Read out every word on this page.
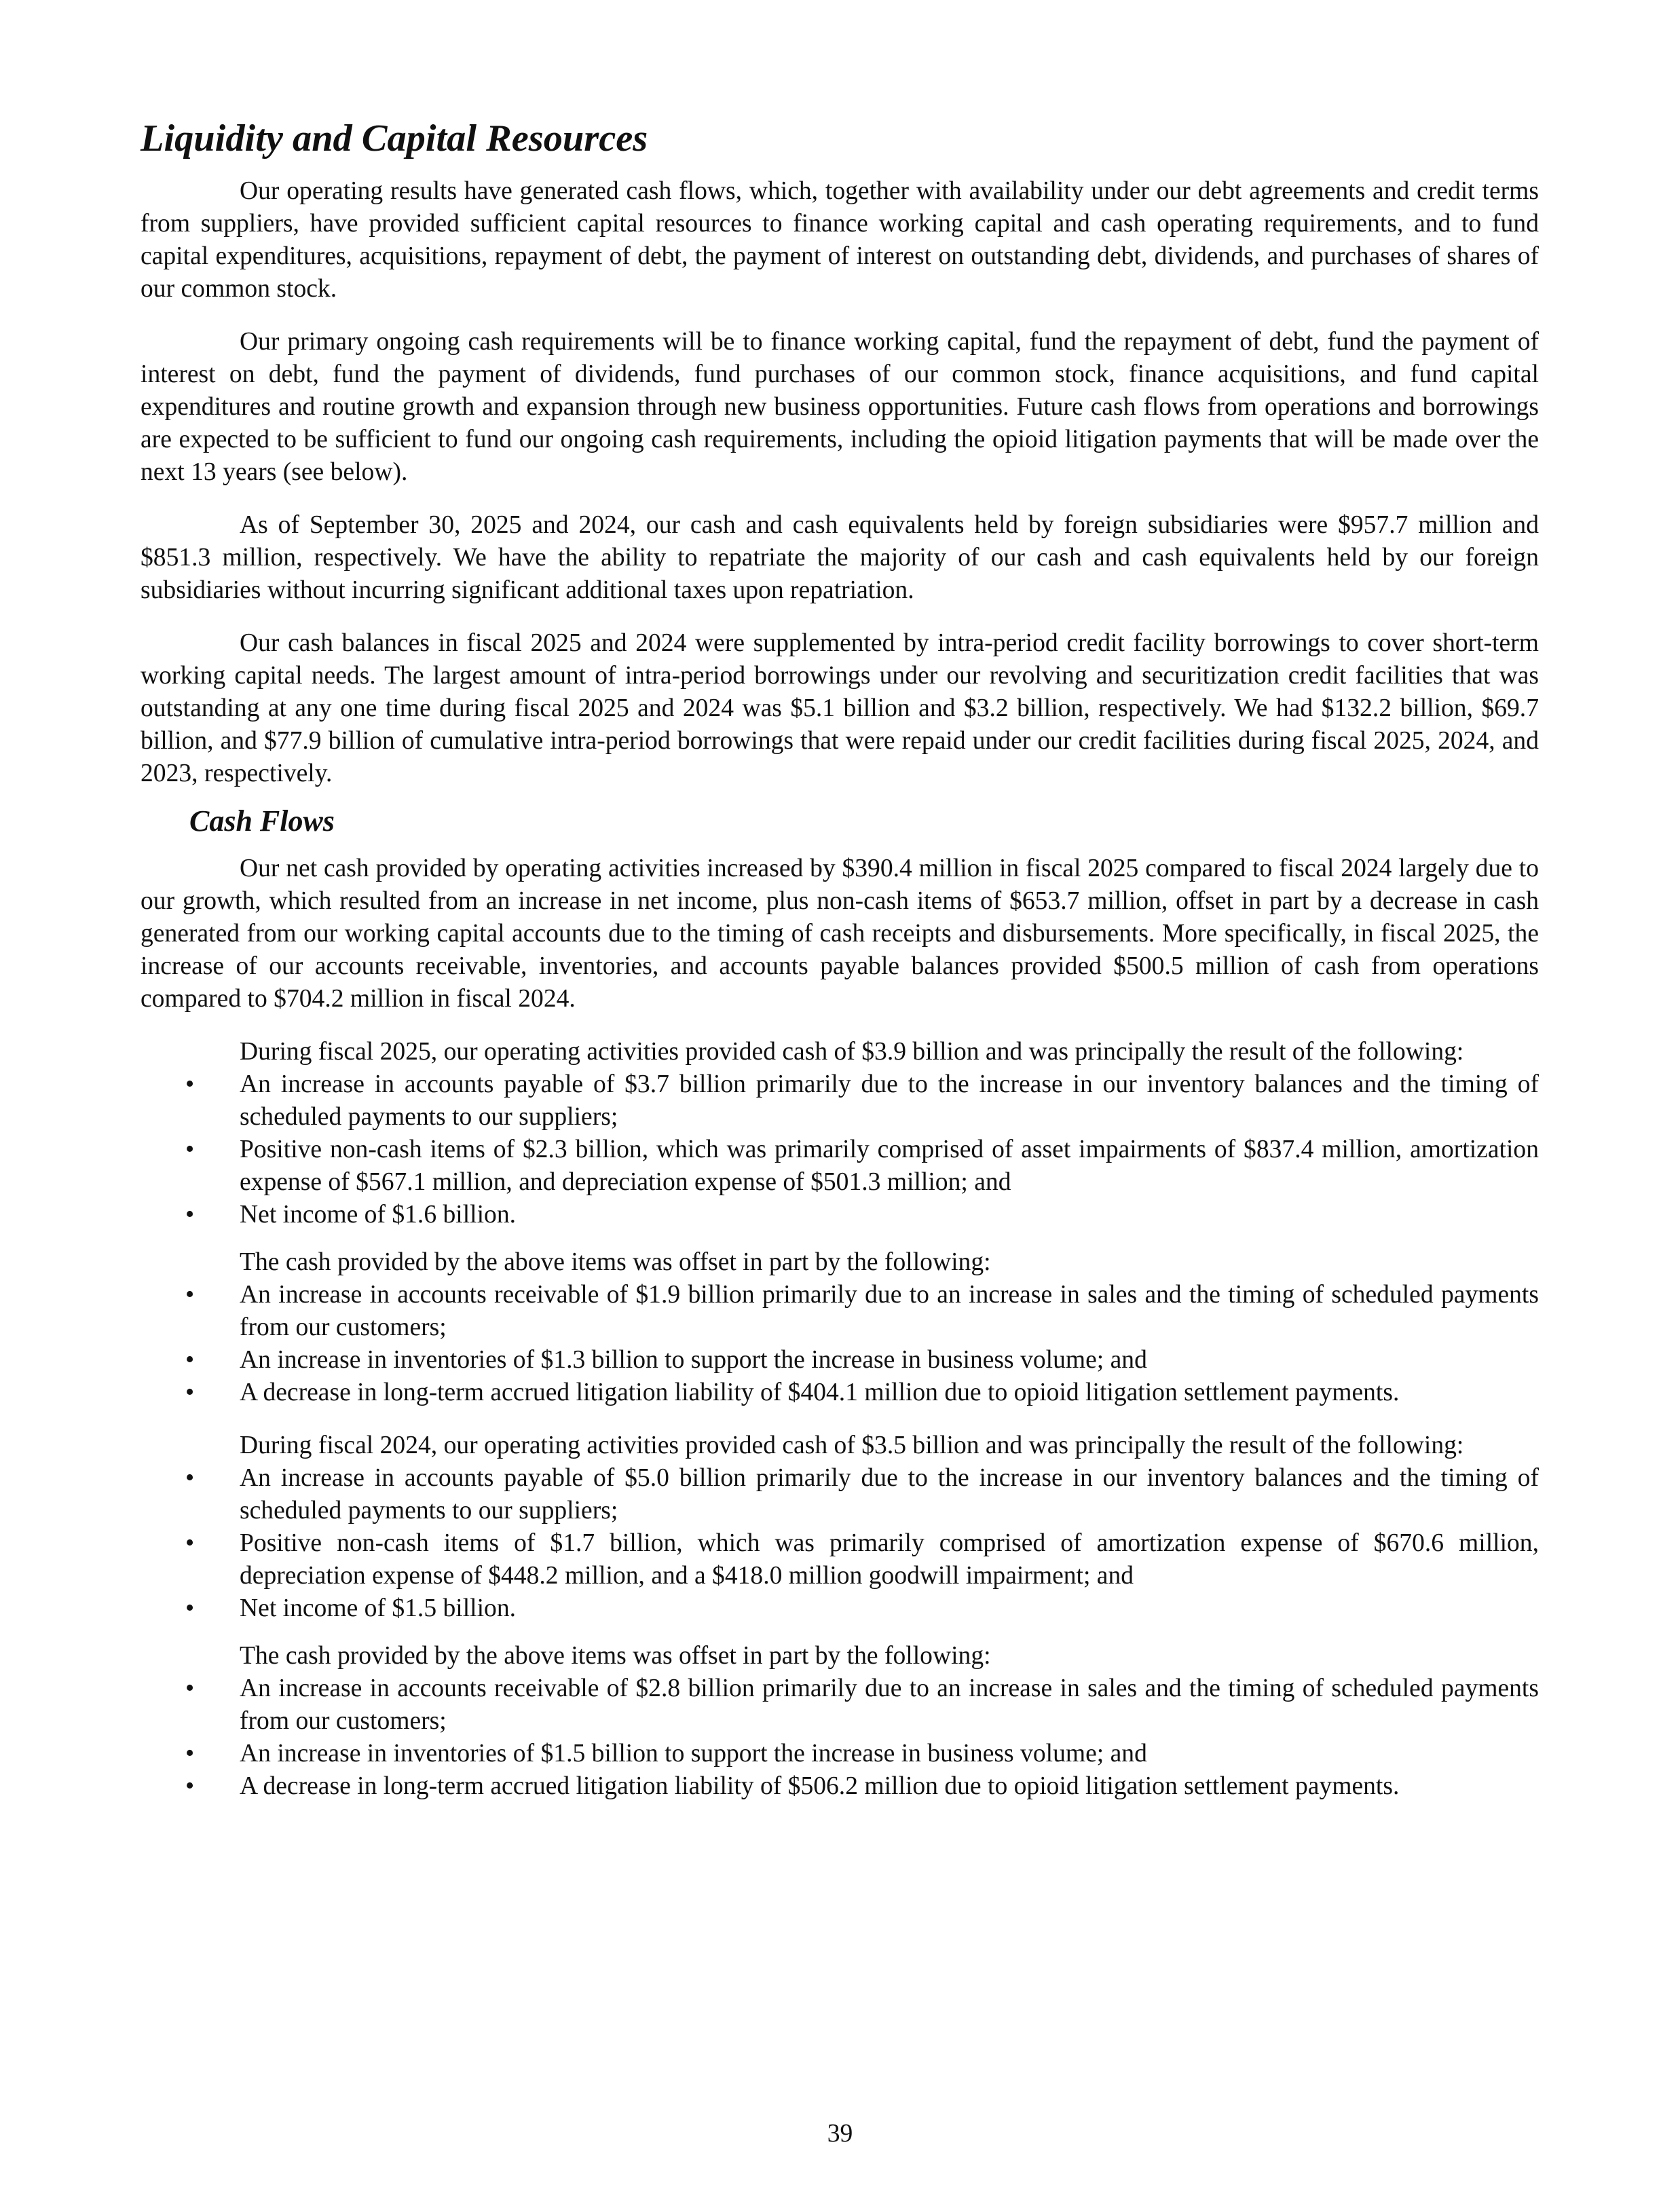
Liquidity and Capital Resources

Our operating results have generated cash flows, which, together with availability under our debt agreements and credit terms from suppliers, have provided sufficient capital resources to finance working capital and cash operating requirements, and to fund capital expenditures, acquisitions, repayment of debt, the payment of interest on outstanding debt, dividends, and purchases of shares of our common stock.

Our primary ongoing cash requirements will be to finance working capital, fund the repayment of debt, fund the payment of interest on debt, fund the payment of dividends, fund purchases of our common stock, finance acquisitions, and fund capital expenditures and routine growth and expansion through new business opportunities. Future cash flows from operations and borrowings are expected to be sufficient to fund our ongoing cash requirements, including the opioid litigation payments that will be made over the next 13 years (see below).

As of September 30, 2025 and 2024, our cash and cash equivalents held by foreign subsidiaries were $957.7 million and $851.3 million, respectively. We have the ability to repatriate the majority of our cash and cash equivalents held by our foreign subsidiaries without incurring significant additional taxes upon repatriation.

Our cash balances in fiscal 2025 and 2024 were supplemented by intra-period credit facility borrowings to cover short-term working capital needs. The largest amount of intra-period borrowings under our revolving and securitization credit facilities that was outstanding at any one time during fiscal 2025 and 2024 was $5.1 billion and $3.2 billion, respectively. We had $132.2 billion, $69.7 billion, and $77.9 billion of cumulative intra-period borrowings that were repaid under our credit facilities during fiscal 2025, 2024, and 2023, respectively.

Cash Flows

Our net cash provided by operating activities increased by $390.4 million in fiscal 2025 compared to fiscal 2024 largely due to our growth, which resulted from an increase in net income, plus non-cash items of $653.7 million, offset in part by a decrease in cash generated from our working capital accounts due to the timing of cash receipts and disbursements. More specifically, in fiscal 2025, the increase of our accounts receivable, inventories, and accounts payable balances provided $500.5 million of cash from operations compared to $704.2 million in fiscal 2024.

During fiscal 2025, our operating activities provided cash of $3.9 billion and was principally the result of the following:

•	An increase in accounts payable of $3.7 billion primarily due to the increase in our inventory balances and the timing of scheduled payments to our suppliers;
•	Positive non-cash items of $2.3 billion, which was primarily comprised of asset impairments of $837.4 million, amortization expense of $567.1 million, and depreciation expense of $501.3 million; and
•	Net income of $1.6 billion.

The cash provided by the above items was offset in part by the following:

•	An increase in accounts receivable of $1.9 billion primarily due to an increase in sales and the timing of scheduled payments from our customers;
•	An increase in inventories of $1.3 billion to support the increase in business volume; and
•	A decrease in long-term accrued litigation liability of $404.1 million due to opioid litigation settlement payments.

During fiscal 2024, our operating activities provided cash of $3.5 billion and was principally the result of the following:

•	An increase in accounts payable of $5.0 billion primarily due to the increase in our inventory balances and the timing of scheduled payments to our suppliers;
•	Positive non-cash items of $1.7 billion, which was primarily comprised of amortization expense of $670.6 million, depreciation expense of $448.2 million, and a $418.0 million goodwill impairment; and
•	Net income of $1.5 billion.

The cash provided by the above items was offset in part by the following:

•	An increase in accounts receivable of $2.8 billion primarily due to an increase in sales and the timing of scheduled payments from our customers;
•	An increase in inventories of $1.5 billion to support the increase in business volume; and
•	A decrease in long-term accrued litigation liability of $506.2 million due to opioid litigation settlement payments.
39
